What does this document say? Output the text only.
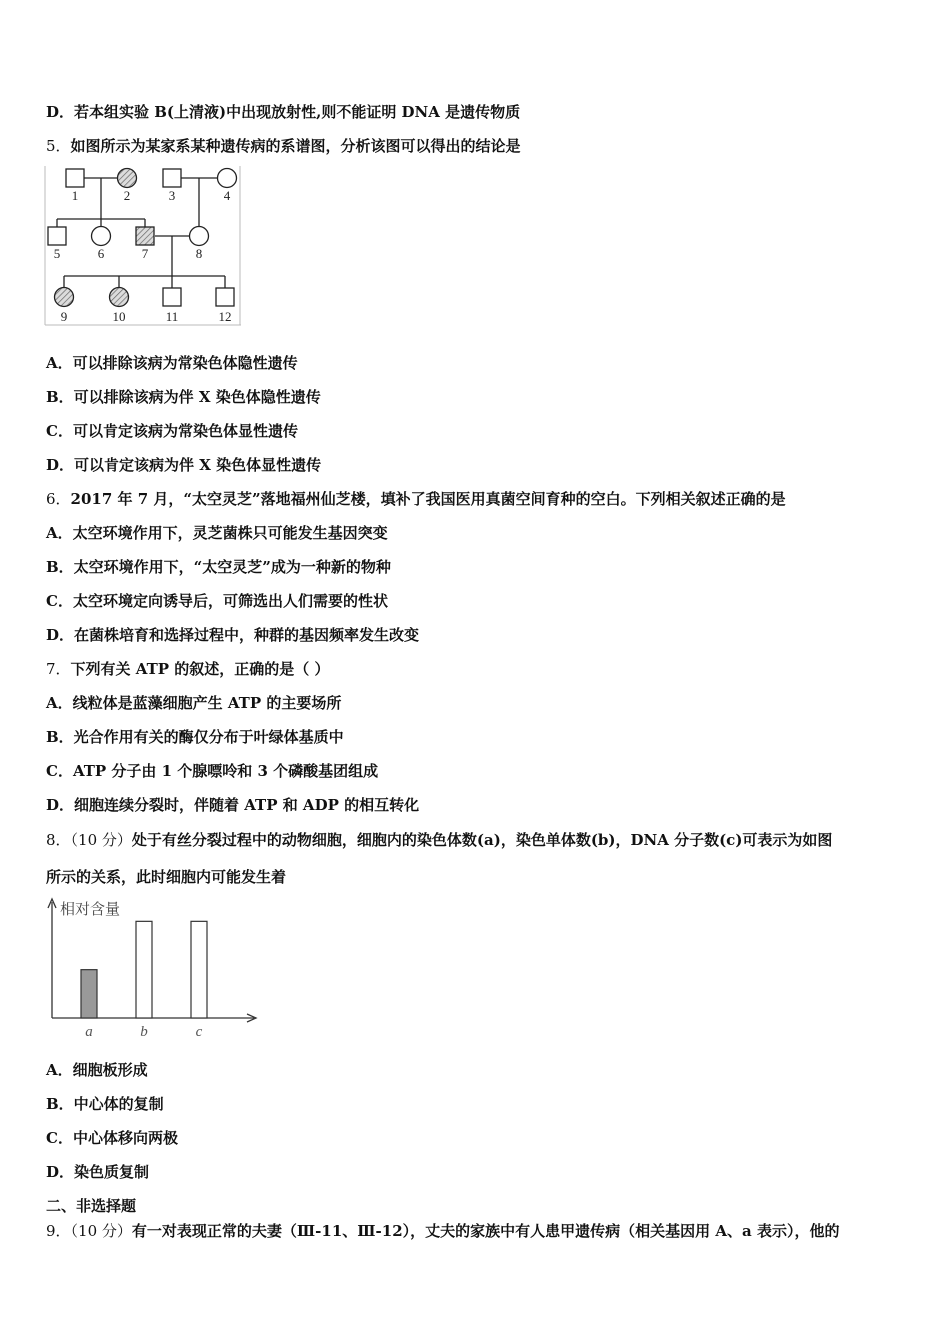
D．若本组实验 B(上清液)中出现放射性,则不能证明 DNA 是遗传物质
5．如图所示为某家系某种遗传病的系谱图，分析该图可以得出的结论是
1	2	3	4
5	6	7	8
9	10	11	12
A．可以排除该病为常染色体隐性遗传
B．可以排除该病为伴 X 染色体隐性遗传
C．可以肯定该病为常染色体显性遗传
D．可以肯定该病为伴 X 染色体显性遗传
6．2017 年 7 月，“太空灵芝”落地福州仙芝楼，填补了我国医用真菌空间育种的空白。下列相关叙述正确的是
A．太空环境作用下，灵芝菌株只可能发生基因突变
B．太空环境作用下，“太空灵芝”成为一种新的物种
C．太空环境定向诱导后，可筛选出人们需要的性状
D．在菌株培育和选择过程中，种群的基因频率发生改变
7．下列有关 ATP 的叙述，正确的是（ ）
A．线粒体是蓝藻细胞产生 ATP 的主要场所
B．光合作用有关的酶仅分布于叶绿体基质中
C．ATP 分子由 1 个腺嘌呤和 3 个磷酸基团组成
D．细胞连续分裂时，伴随着 ATP 和 ADP 的相互转化
8．（10 分）处于有丝分裂过程中的动物细胞，细胞内的染色体数(a)，染色单体数(b)，DNA 分子数(c)可表示为如图
所示的关系，此时细胞内可能发生着
相对含量
a	b	c
A．细胞板形成
B．中心体的复制
C．中心体移向两极
D．染色质复制
二、非选择题
9．（10 分）有一对表现正常的夫妻（Ⅲ-11、Ⅲ-12），丈夫的家族中有人患甲遗传病（相关基因用 A、a 表示），他的
